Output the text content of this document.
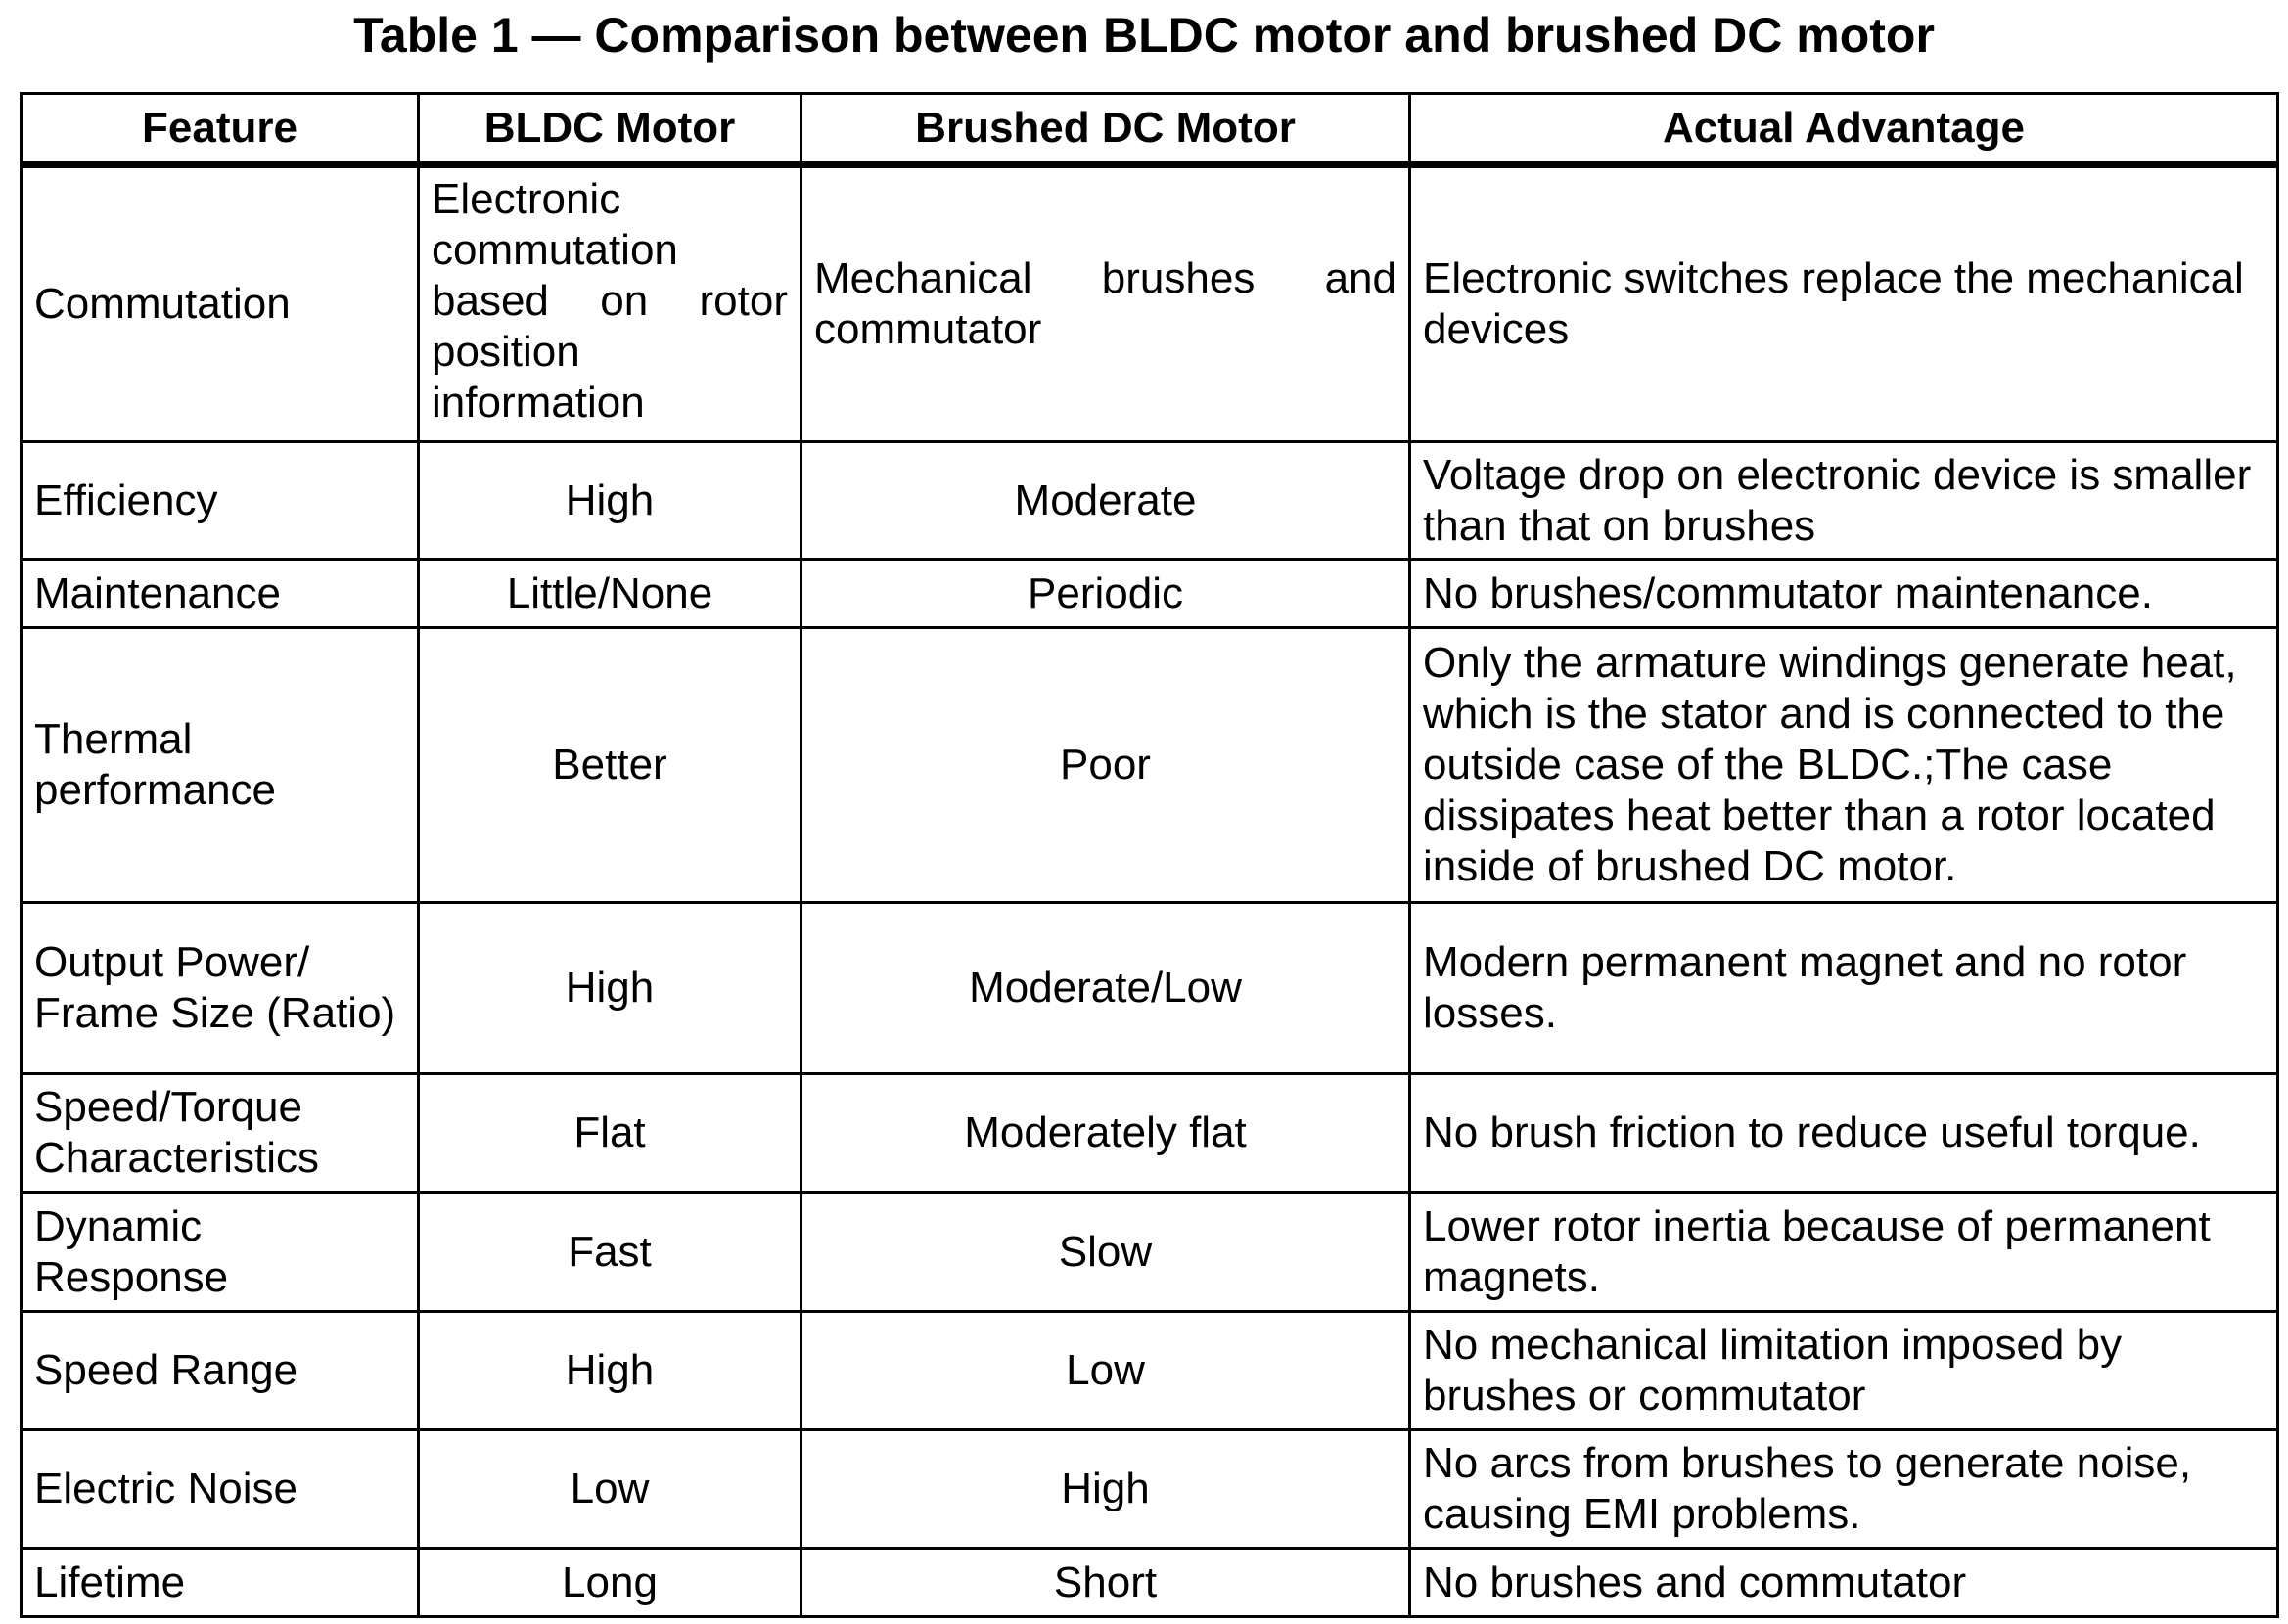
Table 1 — Comparison between BLDC motor and brushed DC motor
Feature	BLDC Motor	Brushed DC Motor	Actual Advantage
Commutation	Electronic commutation based on rotor position information	Mechanical brushes and commutator	Electronic switches replace the mechanical devices
Efficiency	High	Moderate	Voltage drop on electronic device is smaller than that on brushes
Maintenance	Little/None	Periodic	No brushes/commutator maintenance.
Thermal performance	Better	Poor	Only the armature windings generate heat, which is the stator and is connected to the outside case of the BLDC.;The case dissipates heat better than a rotor located inside of brushed DC motor.
Output Power/ Frame Size (Ratio)	High	Moderate/Low	Modern permanent magnet and no rotor losses.
Speed/Torque Characteristics	Flat	Moderately flat	No brush friction to reduce useful torque.
Dynamic Response	Fast	Slow	Lower rotor inertia because of permanent magnets.
Speed Range	High	Low	No mechanical limitation imposed by brushes or commutator
Electric Noise	Low	High	No arcs from brushes to generate noise, causing EMI problems.
Lifetime	Long	Short	No brushes and commutator
